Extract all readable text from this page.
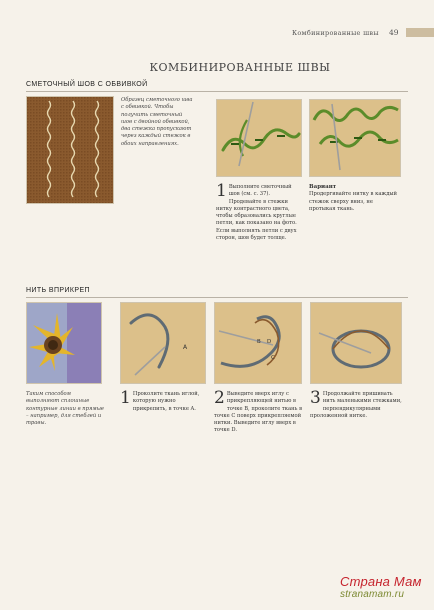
Комбинированные швы 49
КОМБИНИРОВАННЫЕ ШВЫ
СМЕТОЧНЫЙ ШОВ С ОБВИВКОЙ
Образец сметочного шва с обвивкой. Чтобы получить сметочный шов с двойной обвивкой, два стежка пропускают через каждый стежок в обоих направлениях.
1 Выполните сметочный шов (см. с. 37). Продевайте в стежки нитку контрастного цвета, чтобы образовались круглые петли, как показано на фото. Если выполнять петли с двух сторон, шов будет толще.
Вариант
Продергивайте нитку в каждый стежок сверху вниз, не протыкая ткань.
НИТЬ ВПРИКРЕП
Таким способом выполняют сплошные контурные линии в прямые – например, для стеблей и травы.
A
B D
C
1 Проколите ткань иглой, которую нужно прикрепить, в точке A.
2 Выведите вверх иглу с прикрепляющей нитью в точке B, проколите ткань в точке C поверх прикрепляемой нитки. Выведите иглу вверх в точке D.
3 Продолжайте пришивать нить маленькими стежками, перпендикулярными проложенной нитке.
Страна Мам
stranamam.ru
